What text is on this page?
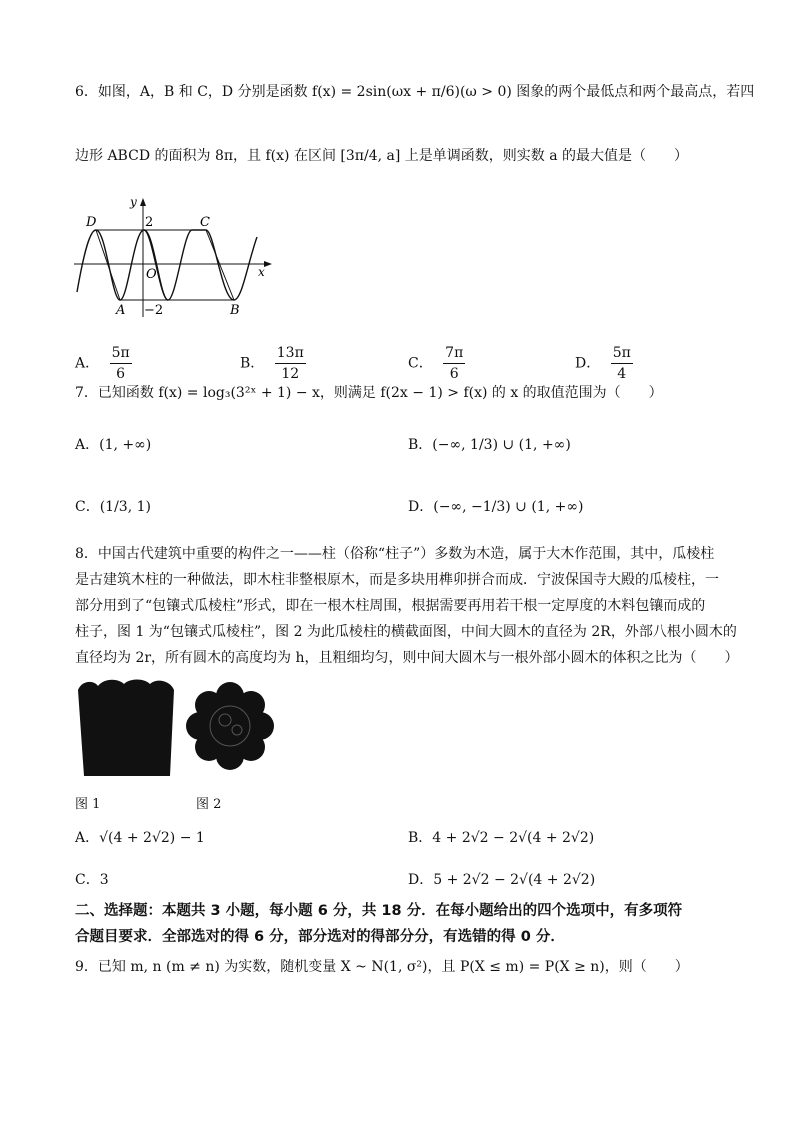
6．如图，A，B 和 C，D 分别是函数 f(x) = 2sin(ωx + π/6)(ω > 0) 图象的两个最低点和两个最高点，若四
边形 ABCD 的面积为 8π，且 f(x) 在区间 [3π/4, a] 上是单调函数，则实数 a 的最大值是（　　）
D	C
A	B
O
y
x
2
−2
A． $\frac{5\pi}{6}$	B． $\frac{13\pi}{12}$	C． $\frac{7\pi}{6}$	D． $\frac{5\pi}{4}$
7．已知函数 f(x) = log₃(3²ˣ + 1) − x，则满足 f(2x − 1) > f(x) 的 x 的取值范围为（　　）
A．(1, +∞)	B．(−∞, 1/3) ∪ (1, +∞)
C．(1/3, 1)	D．(−∞, −1/3) ∪ (1, +∞)
8．中国古代建筑中重要的构件之一——柱（俗称“柱子”）多数为木造，属于大木作范围，其中，瓜棱柱
是古建筑木柱的一种做法，即木柱非整根原木，而是多块用榫卯拼合而成．宁波保国寺大殿的瓜棱柱，一
部分用到了“包镶式瓜棱柱”形式，即在一根木柱周围，根据需要再用若干根一定厚度的木料包镶而成的
柱子，图 1 为“包镶式瓜棱柱”，图 2 为此瓜棱柱的横截面图，中间大圆木的直径为 2R，外部八根小圆木的
直径均为 2r，所有圆木的高度均为 h，且粗细均匀，则中间大圆木与一根外部小圆木的体积之比为（　　）
图 1	图 2
A．√(4 + 2√2) − 1	B．4 + 2√2 − 2√(4 + 2√2)
C．3	D．5 + 2√2 − 2√(4 + 2√2)
二、选择题：本题共 3 小题，每小题 6 分，共 18 分．在每小题给出的四个选项中，有多项符
合题目要求．全部选对的得 6 分，部分选对的得部分分，有选错的得 0 分．
9．已知 m, n (m ≠ n) 为实数，随机变量 X ~ N(1, σ²)，且 P(X ≤ m) = P(X ≥ n)，则（　　）
